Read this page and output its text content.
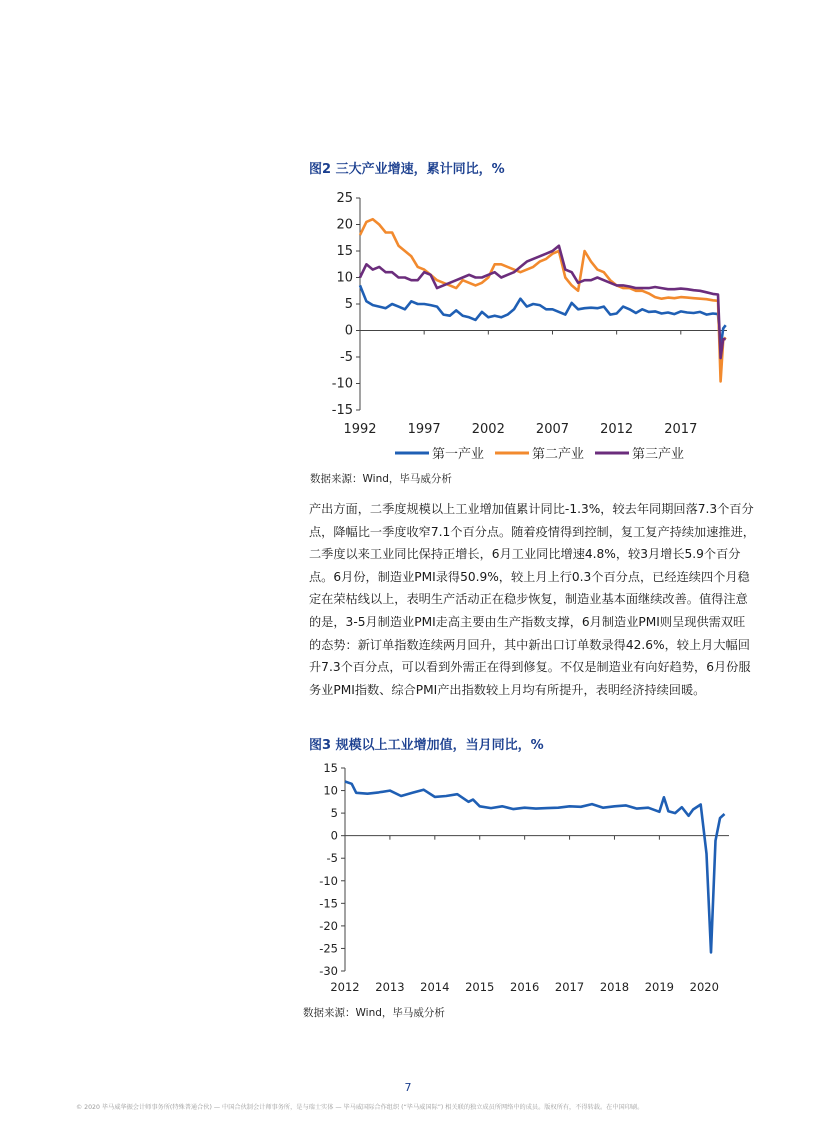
图2 三大产业增速，累计同比，%
25
20
15
10
5
0
-5
-10
-15
1992 1997 2002 2007 2012 2017
第一产业	第二产业	第三产业
数据来源：Wind，毕马威分析

产出方面，二季度规模以上工业增加值累计同比-1.3%，较去年同期回落7.3个百分点，降幅比一季度收窄7.1个百分点。随着疫情得到控制，复工复产持续加速推进，二季度以来工业同比保持正增长，6月工业同比增速4.8%，较3月增长5.9个百分点。6月份，制造业PMI录得50.9%，较上月上行0.3个百分点，已经连续四个月稳定在荣枯线以上，表明生产活动正在稳步恢复，制造业基本面继续改善。值得注意的是，3-5月制造业PMI走高主要由生产指数支撑，6月制造业PMI则呈现供需双旺的态势：新订单指数连续两月回升，其中新出口订单数录得42.6%，较上月大幅回升7.3个百分点，可以看到外需正在得到修复。不仅是制造业有向好趋势，6月份服务业PMI指数、综合PMI产出指数较上月均有所提升，表明经济持续回暖。

图3 规模以上工业增加值，当月同比，%
15
10
5
0
-5
-10
-15
-20
-25
-30
2012 2013 2014 2015 2016 2017 2018 2019 2020
数据来源：Wind，毕马威分析
7

© 2020 毕马威华振会计师事务所(特殊普通合伙) — 中国合伙制会计师事务所，是与瑞士实体 — 毕马威国际合作组织 (“毕马威国际”) 相关联的独立成员所网络中的成员。版权所有，不得转载。在中国印刷。
